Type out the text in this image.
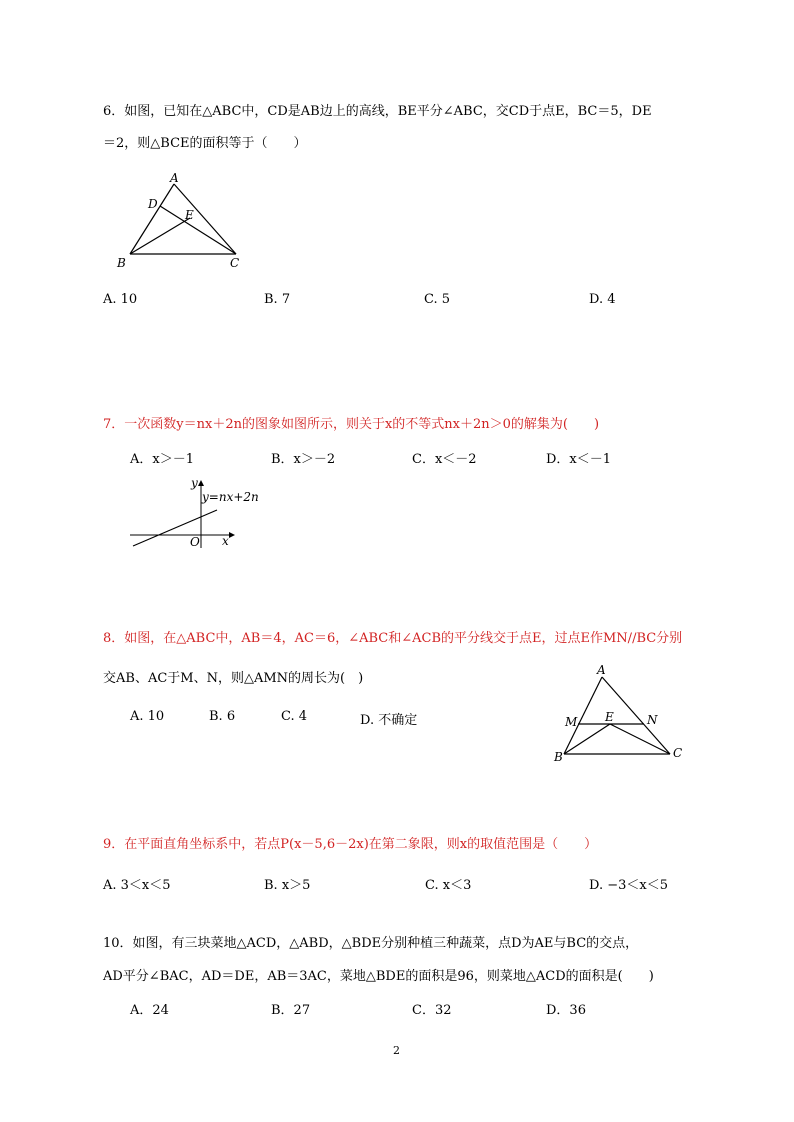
6．如图，已知在△ABC中，CD是AB边上的高线，BE平分∠ABC，交CD于点E，BC＝5，DE
＝2，则△BCE的面积等于（　　）
A
D
E
B	C
A. 10	B. 7	C. 5	D. 4
7．一次函数y＝nx＋2n的图象如图所示，则关于x的不等式nx＋2n＞0的解集为(　　)
A．x＞－1	B．x＞－2	C．x＜－2	D．x＜－1
y
y=nx+2n
O x
8．如图，在△ABC中，AB＝4，AC＝6，∠ABC和∠ACB的平分线交于点E，过点E作MN//BC分别
交AB、AC于M、N，则△AMN的周长为(　)
A. 10	B. 6	C. 4	D. 不确定
A
M E	N
B	C
9．在平面直角坐标系中，若点P(x－5,6－2x)在第二象限，则x的取值范围是（　　）
A. 3＜x＜5	B. x＞5	C. x＜3	D. −3＜x＜5
10．如图，有三块菜地△ACD，△ABD，△BDE分别种植三种蔬菜，点D为AE与BC的交点，
AD平分∠BAC，AD＝DE，AB＝3AC，菜地△BDE的面积是96，则菜地△ACD的面积是(　　)
A．24	B．27	C．32	D．36
2
